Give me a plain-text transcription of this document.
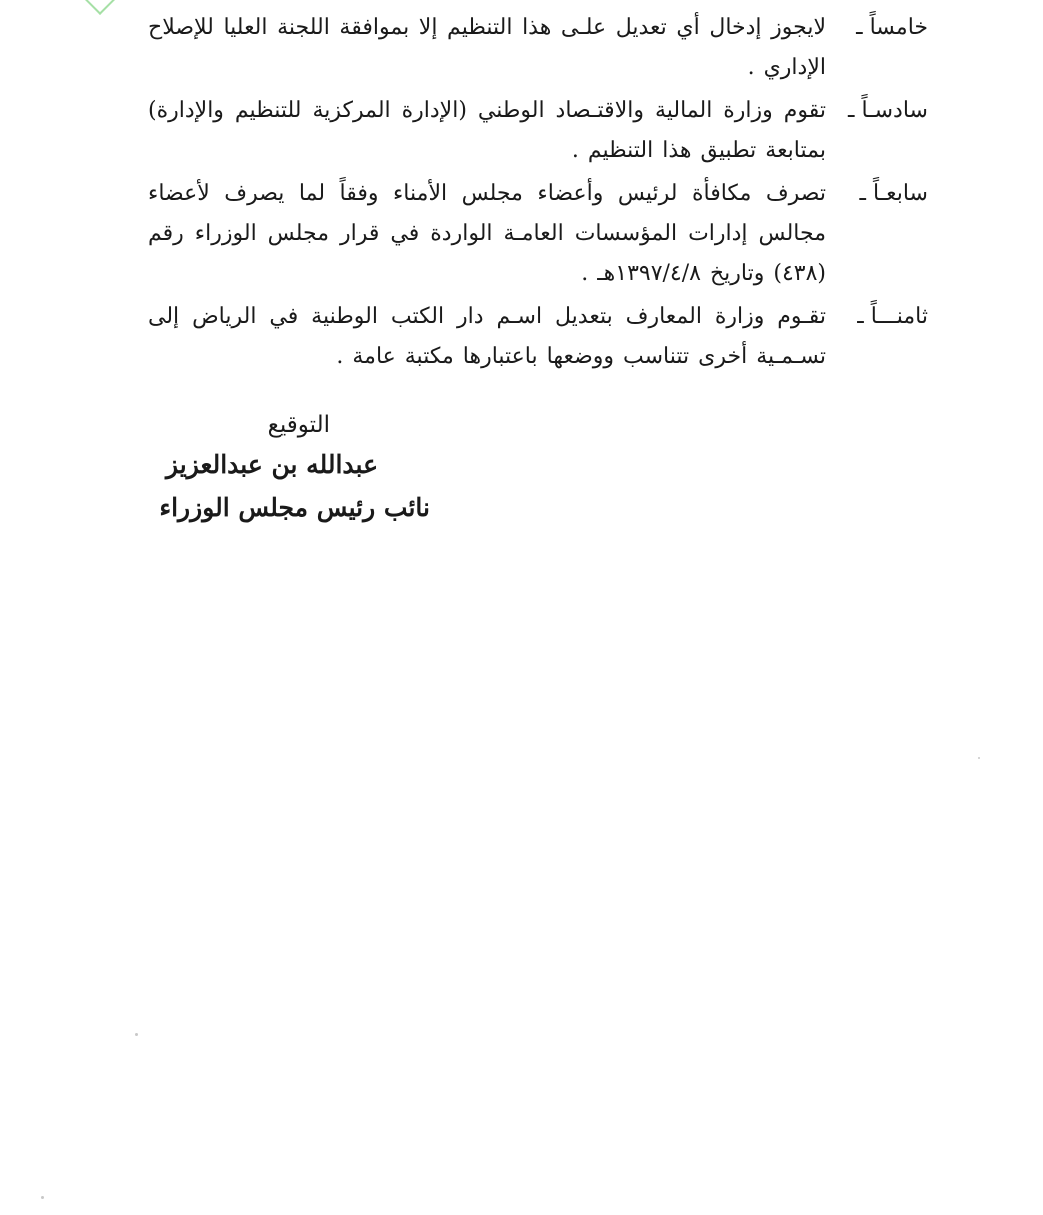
خامساً ـ
لايجوز إدخال أي تعديل علـى هذا التنظيم إلا بموافقة اللجنة العليا للإصلاح الإداري .
سادسـاً ـ
تقوم وزارة المالية والاقتـصاد الوطني (الإدارة المركزية للتنظيم والإدارة) بمتابعة تطبيق هذا التنظيم .
سابعـاً ـ
تصرف مكافأة لرئيس وأعضاء مجلس الأمناء وفقاً لما يصرف لأعضاء مجالس إدارات المؤسسات العامـة الواردة في قرار مجلس الوزراء رقم (٤٣٨) وتاريخ ١٣٩٧/٤/٨هـ .
ثامنـــاً ـ
تقـوم وزارة المعارف بتعديل اسـم دار الكتب الوطنية في الرياض إلى تسـمـية أخرى تتناسب ووضعها باعتبارها مكتبة عامة .
التوقيع
عبدالله بن عبدالعزيز
نائب رئيس مجلس الوزراء
